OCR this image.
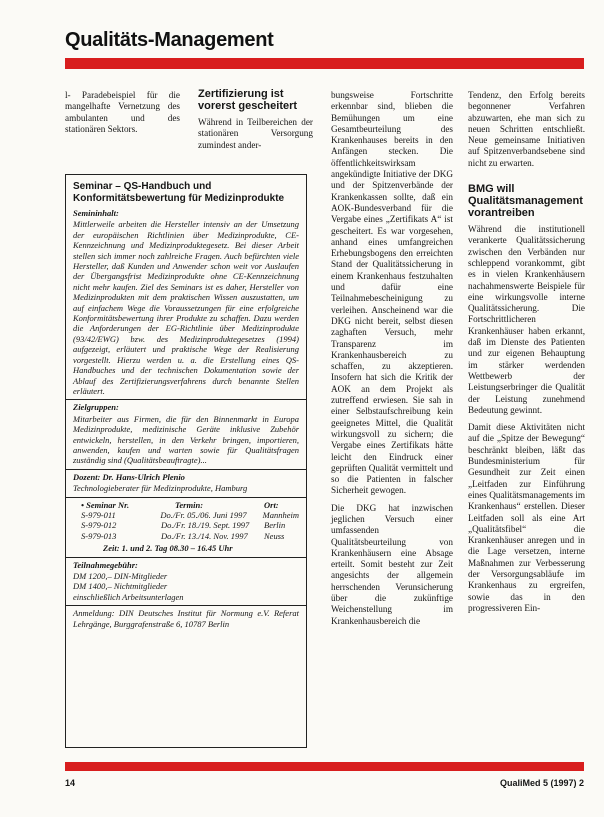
Qualitäts-Management

l- Paradebeispiel für die mangelhafte Vernetzung des ambulanten und des stationären Sektors.

Zertifizierung ist vorerst gescheitert

Während in Teilbereichen der stationären Versorgung zumindest ander-

Seminar – QS-Handbuch und Konformitätsbewertung für Medizinprodukte
Semininhalt:

Mittlerweile arbeiten die Hersteller intensiv an der Umsetzung der europäischen Richtlinien über Medizinprodukte, CE-Kennzeichnung und Medizinproduktegesetz. Bei dieser Arbeit stellen sich immer noch zahlreiche Fragen. Auch befürchten viele Hersteller, daß Kunden und Anwender schon weit vor Auslaufen der Übergangsfrist Medizinprodukte ohne CE-Kennzeichnung nicht mehr kaufen. Ziel des Seminars ist es daher, Hersteller von Medizinprodukten mit dem praktischen Wissen auszustatten, um auf einfachem Wege die Voraussetzungen für eine erfolgreiche Konformitätsbewertung ihrer Produkte zu schaffen. Dazu werden die Anforderungen der EG-Richtlinie über Medizinprodukte (93/42/EWG) bzw. des Medizinproduktegesetzes (1994) aufgezeigt, erläutert und praktische Wege der Realisierung vorgestellt. Hierzu werden u. a. die Erstellung eines QS-Handbuches und der technischen Dokumentation sowie der Ablauf des Zertifizierungsverfahrens durch benannte Stellen erläutert.

Zielgruppen:

Mitarbeiter aus Firmen, die für den Binnenmarkt in Europa Medizinprodukte, medizinische Geräte inklusive Zubehör entwickeln, herstellen, in den Verkehr bringen, importieren, anwenden, kaufen und warten sowie für Qualitätsfragen zuständig sind (Qualitätsbeauftragte)...

Dozent: Dr. Hans-Ulrich Plenio

Technologieberater für Medizinprodukte, Hamburg

• Seminar Nr.	Termin:	Ort:
S-979-011	Do./Fr. 05./06. Juni 1997	Mannheim
S-979-012	Do./Fr. 18./19. Sept. 1997	Berlin
S-979-013	Do./Fr. 13./14. Nov. 1997	Neuss

Zeit: 1. und 2. Tag 08.30 – 16.45 Uhr

Teilnahmegebühr:

DM 1200,– DIN-Mitglieder

DM 1400,– Nichtmitglieder

einschließlich Arbeitsunterlagen

Anmeldung: DIN Deutsches Institut für Normung e.V. Referat Lehrgänge, Burggrafenstraße 6, 10787 Berlin

bungsweise Fortschritte erkennbar sind, blieben die Bemühungen um eine Gesamtbeurteilung des Krankenhauses bereits in den Anfängen stecken. Die öffentlichkeitswirksam angekündigte Initiative der DKG und der Spitzenverbände der Krankenkassen sollte, daß ein AOK-Bundesverband für die Vergabe eines „Zertifikats A“ ist gescheitert. Es war vorgesehen, anhand eines umfangreichen Erhebungsbogens den erreichten Stand der Qualitätssicherung in einem Krankenhaus festzuhalten und dafür eine Teilnahmebescheinigung zu verleihen. Anscheinend war die DKG nicht bereit, selbst diesen zaghaften Versuch, mehr Transparenz im Krankenhausbereich zu schaffen, zu akzeptieren. Insofern hat sich die Kritik der AOK an dem Projekt als zutreffend erwiesen. Sie sah in einer Selbstaufschreibung kein geeignetes Mittel, die Qualität wirkungsvoll zu sichern; die Vergabe eines Zertifikats hätte leicht den Eindruck einer geprüften Qualität vermittelt und so die Patienten in falscher Sicherheit gewogen.

Die DKG hat inzwischen jeglichen Versuch einer umfassenden Qualitätsbeurteilung von Krankenhäusern eine Absage erteilt. Somit besteht zur Zeit angesichts der allgemein herrschenden Verunsicherung über die zukünftige Weichenstellung im Krankenhausbereich die

Tendenz, den Erfolg bereits begonnener Verfahren abzuwarten, ehe man sich zu neuen Schritten entschließt. Neue gemeinsame Initiativen auf Spitzenverbandsebene sind nicht zu erwarten.

BMG will Qualitätsmanagement vorantreiben

Während die institutionell verankerte Qualitätssicherung zwischen den Verbänden nur schleppend vorankommt, gibt es in vielen Krankenhäusern nachahmenswerte Beispiele für eine wirkungsvolle interne Qualitätssicherung. Die Fortschrittlicheren Krankenhäuser haben erkannt, daß im Dienste des Patienten und zur eigenen Behauptung im stärker werdenden Wettbewerb der Leistungserbringer die Qualität der Leistung zunehmend Bedeutung gewinnt.

Damit diese Aktivitäten nicht auf die „Spitze der Bewegung“ beschränkt bleiben, läßt das Bundesministerium für Gesundheit zur Zeit einen „Leitfaden zur Einführung eines Qualitätsmanagements im Krankenhaus“ erstellen. Dieser Leitfaden soll als eine Art „Qualitätsfibel“ die Krankenhäuser anregen und in die Lage versetzen, interne Maßnahmen zur Verbesserung der Versorgungsabläufe im Krankenhaus zu ergreifen, sowie das in den progressiveren Ein-

14	QualiMed 5 (1997) 2
